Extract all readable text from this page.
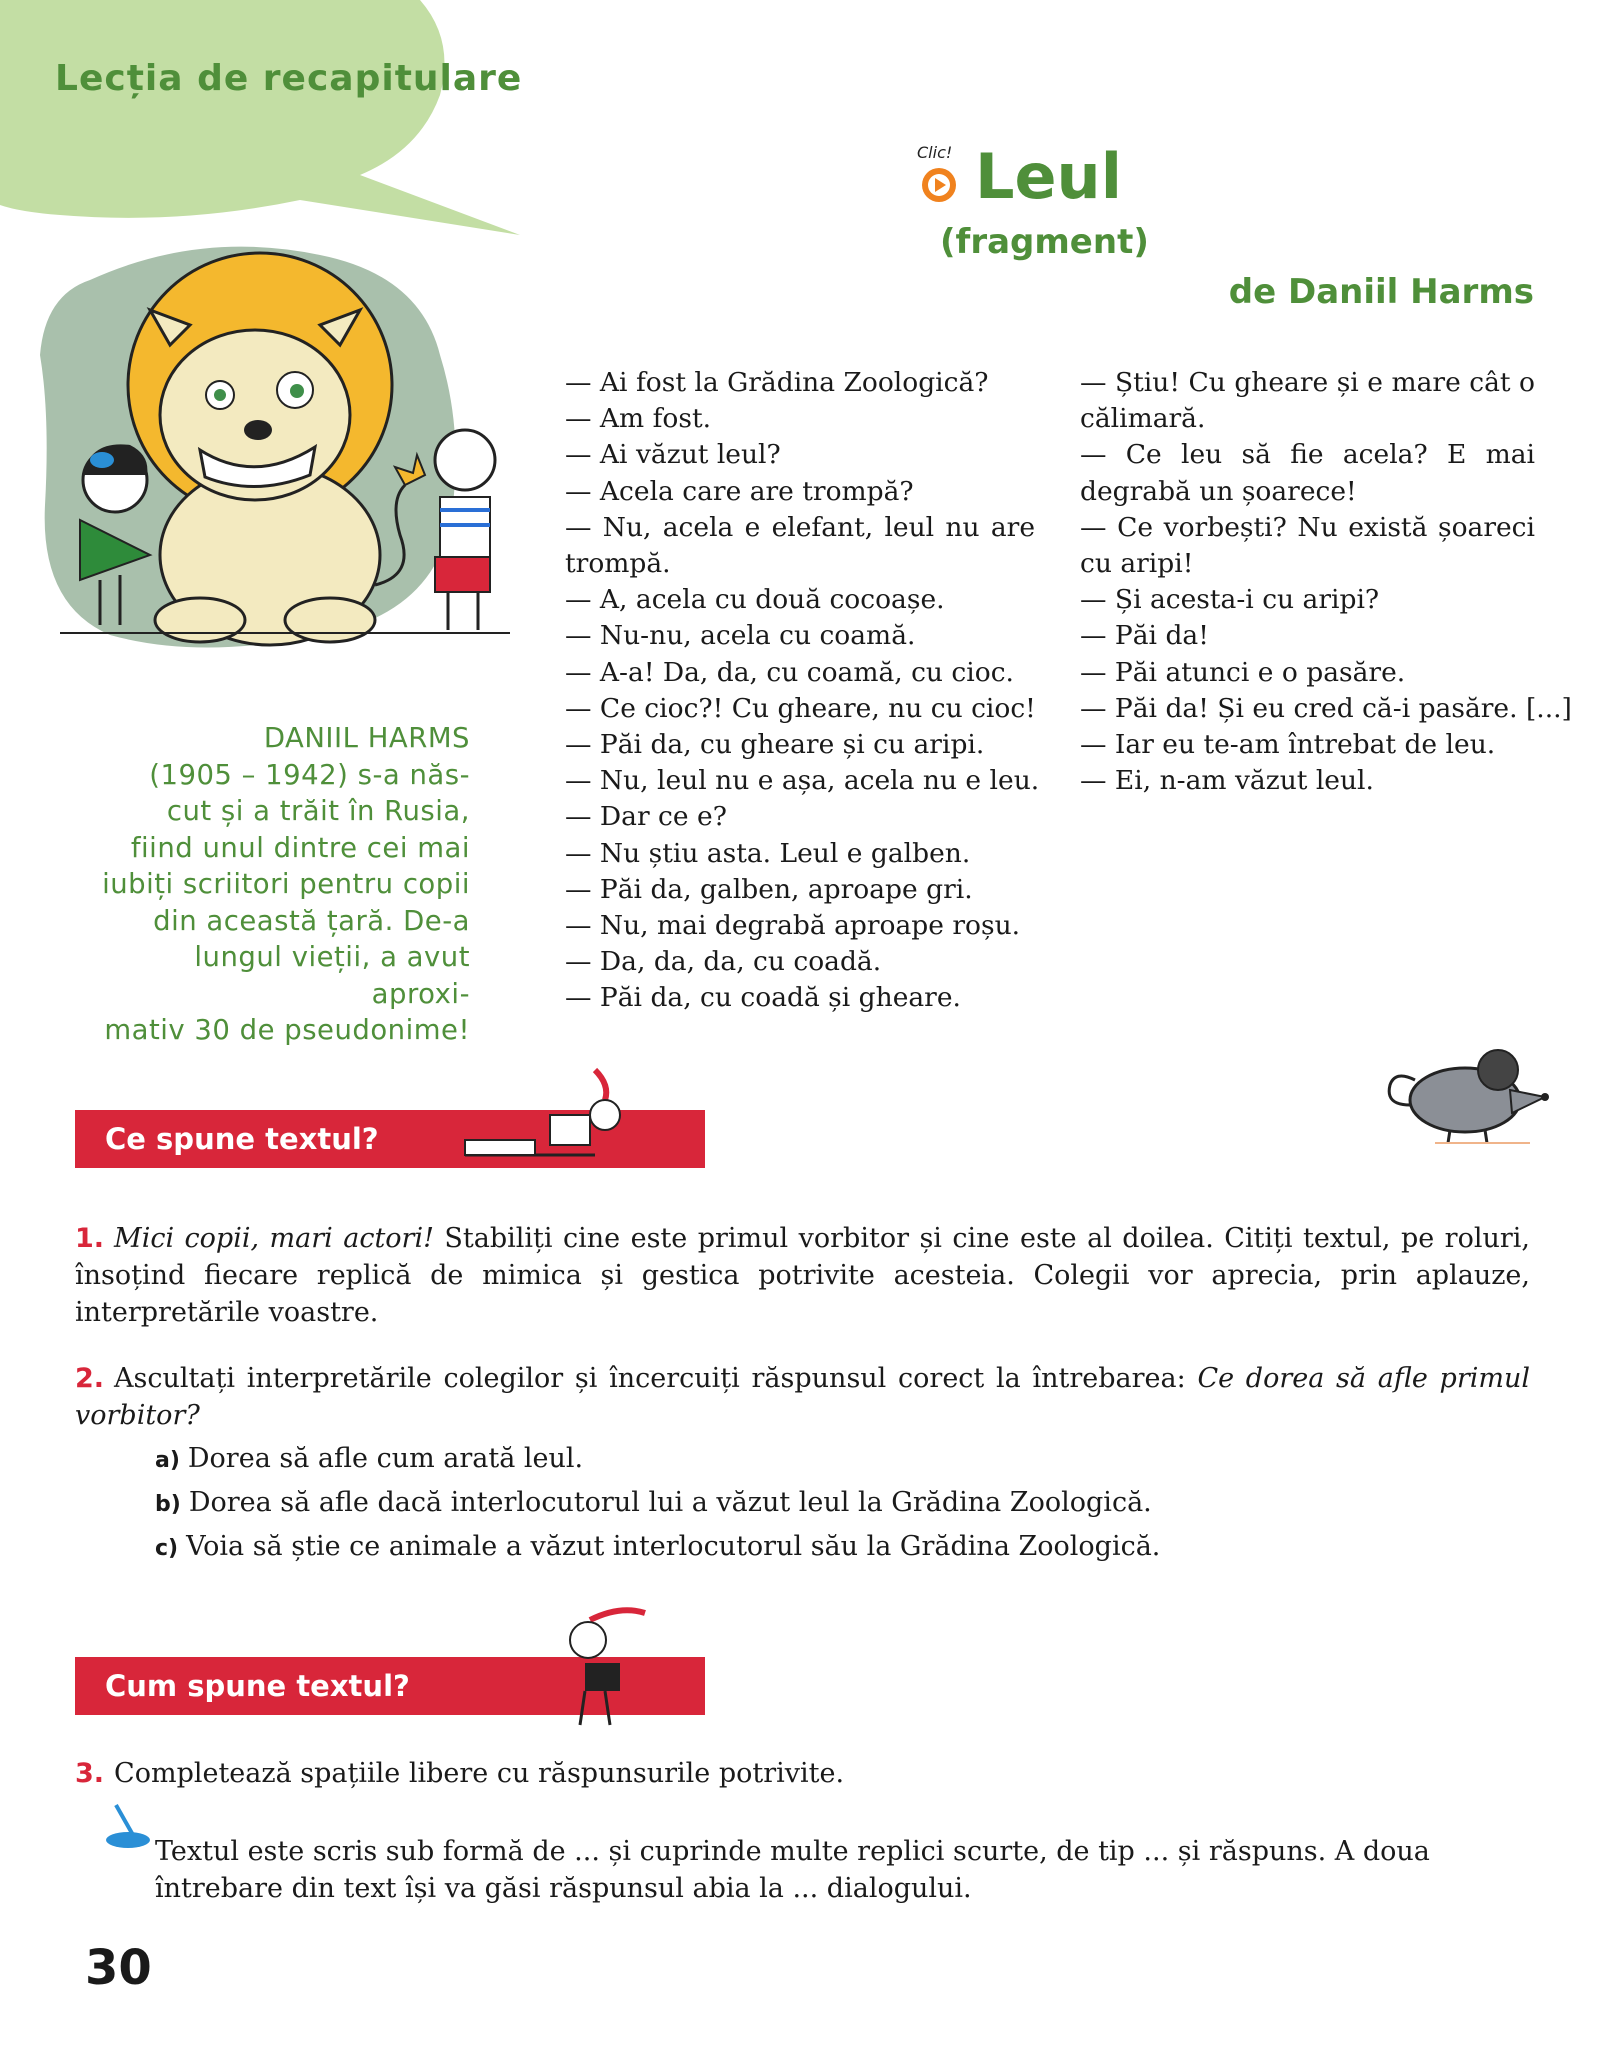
Lecția de recapitulare
Clic! Leul
(fragment)
de Daniil Harms
— Ai fost la Grădina Zoologică?
— Am fost.
— Ai văzut leul?
— Acela care are trompă?
— Nu, acela e elefant, leul nu are trompă.
— A, acela cu două cocoașe.
— Nu-nu, acela cu coamă.
— A-a! Da, da, cu coamă, cu cioc.
— Ce cioc?! Cu gheare, nu cu cioc!
— Păi da, cu gheare și cu aripi.
— Nu, leul nu e așa, acela nu e leu.
— Dar ce e?
— Nu știu asta. Leul e galben.
— Păi da, galben, aproape gri.
— Nu, mai degrabă aproape roșu.
— Da, da, da, cu coadă.
— Păi da, cu coadă și gheare.
— Știu! Cu gheare și e mare cât o călimară.
— Ce leu să fie acela? E mai degrabă un șoarece!
— Ce vorbești? Nu există șoareci cu aripi!
— Și acesta-i cu aripi?
— Păi da!
— Păi atunci e o pasăre.
— Păi da! Și eu cred că-i pasăre. [...]
— Iar eu te-am întrebat de leu.
— Ei, n-am văzut leul.
DANIIL HARMS
(1905 – 1942) s-a năs-
cut și a trăit în Rusia,
fiind unul dintre cei mai
iubiți scriitori pentru copii
din această țară. De-a
lungul vieții, a avut aproxi-
mativ 30 de pseudonime!
Ce spune textul?
1. Mici copii, mari actori! Stabiliți cine este primul vorbitor și cine este al doilea. Citiți textul, pe roluri, însoțind fiecare replică de mimica și gestica potrivite acesteia. Colegii vor aprecia, prin aplauze, interpretările voastre.
2. Ascultați interpretările colegilor și încercuiți răspunsul corect la întrebarea: Ce dorea să afle primul vorbitor?
a) Dorea să afle cum arată leul.
b) Dorea să afle dacă interlocutorul lui a văzut leul la Grădina Zoologică.
c) Voia să știe ce animale a văzut interlocutorul său la Grădina Zoologică.
Cum spune textul?
3. Completează spațiile libere cu răspunsurile potrivite.
Textul este scris sub formă de ... și cuprinde multe replici scurte, de tip ... și răspuns. A doua întrebare din text își va găsi răspunsul abia la ... dialogului.
30
